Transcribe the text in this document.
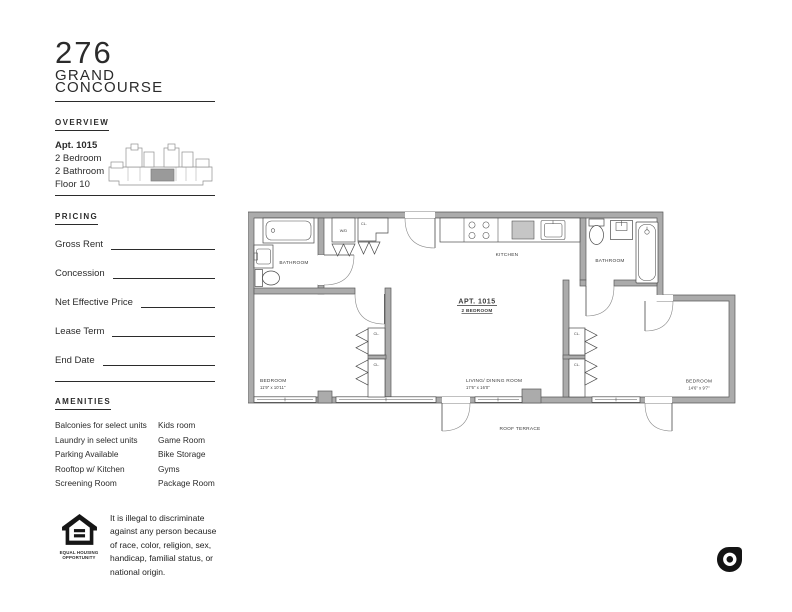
276
GRAND
CONCOURSE
OVERVIEW
Apt. 1015
2 Bedroom
2 Bathroom
Floor 10
PRICING
Gross Rent
Concession
Net Effective Price
Lease Term
End Date
AMENITIES
Balconies for select units
Laundry in select units
Parking Available
Rooftop w/ Kitchen
Screening Room
Kids room
Game Room
Bike Storage
Gyms
Package Room
EQUAL HOUSING
OPPORTUNITY
It is illegal to discriminate against any person because of race, color, religion, sex, handicap, familial status, or national origin.
BATHROOM
W/D
CL.
KITCHEN
BATHROOM
APT. 1015
2 BEDROOM
CL.
CL.
CL.
CL.
BEDROOM
11'9" x 10'11"
LIVING/ DINING ROOM
17'6" x 16'0"
BEDROOM
14'6" x 9'7"
ROOF TERRACE
